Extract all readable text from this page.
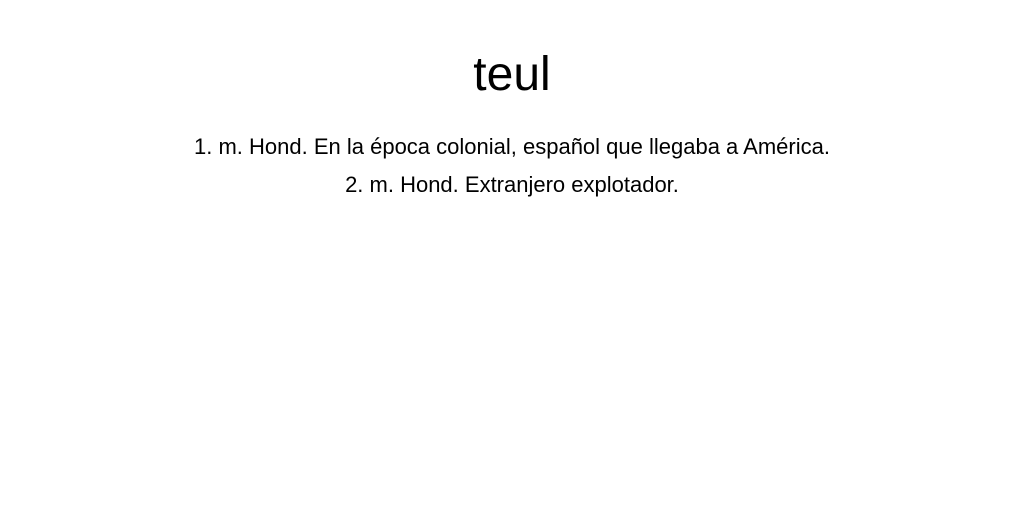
teul
1. m. Hond. En la época colonial, español que llegaba a América.
2. m. Hond. Extranjero explotador.
